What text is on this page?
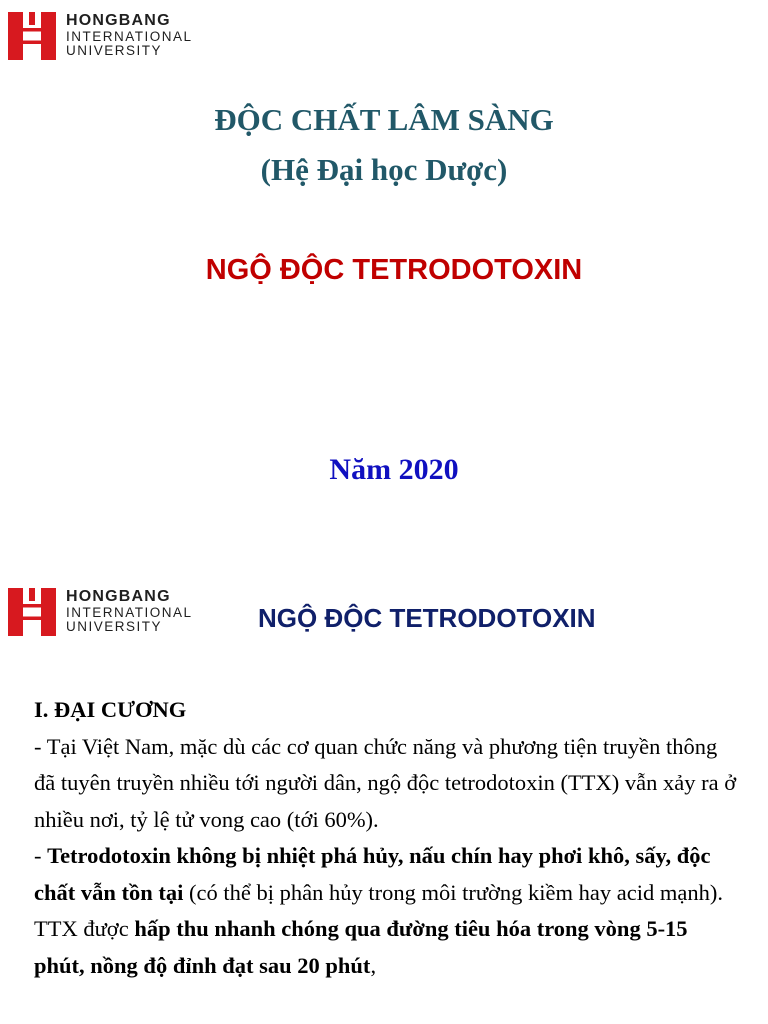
HONGBANG
INTERNATIONAL
UNIVERSITY
ĐỘC CHẤT LÂM SÀNG
(Hệ Đại học Dược)
NGỘ ĐỘC TETRODOTOXIN
Năm 2020
HONGBANG
INTERNATIONAL
UNIVERSITY	NGỘ ĐỘC TETRODOTOXIN

I. ĐẠI CƯƠNG

- Tại Việt Nam, mặc dù các cơ quan chức năng và phương tiện truyền thông đã tuyên truyền nhiều tới người dân, ngộ độc tetrodotoxin (TTX) vẫn xảy ra ở nhiều nơi, tỷ lệ tử vong cao (tới 60%).

- Tetrodotoxin không bị nhiệt phá hủy, nấu chín hay phơi khô, sấy, độc chất vẫn tồn tại (có thể bị phân hủy trong môi trường kiềm hay acid mạnh). TTX được hấp thu nhanh chóng qua đường tiêu hóa trong vòng 5-15 phút, nồng độ đỉnh đạt sau 20 phút,
